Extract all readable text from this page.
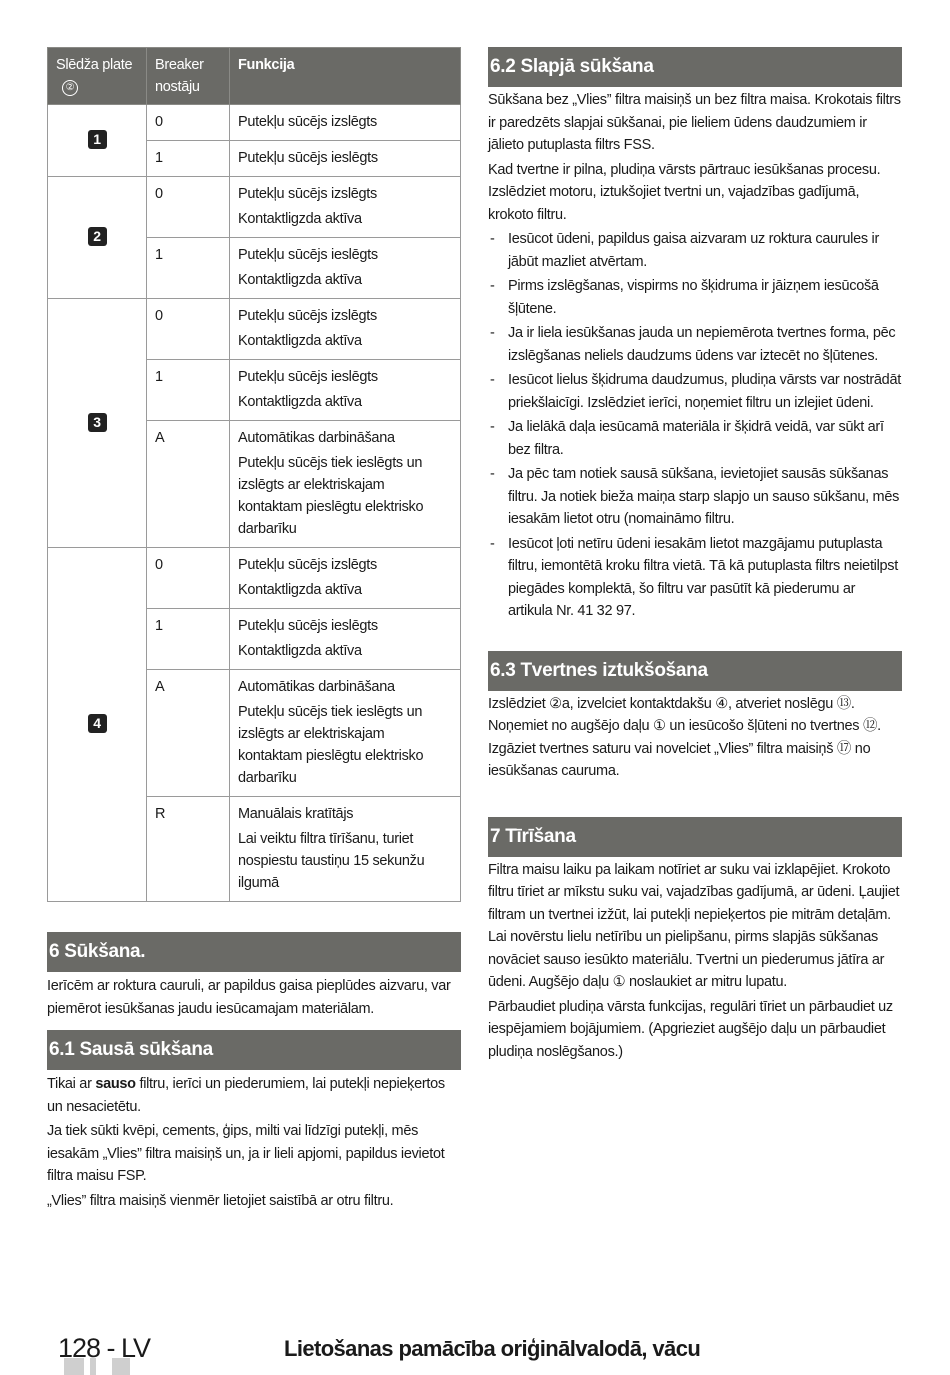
Slēdža plate ②	Breaker nostāju	Funkcija
1	0	Putekļu sūcējs izslēgts

	1	Putekļu sūcējs ieslēgts

2	0	Putekļu sūcējs izslēgts
Kontaktligzda aktīva

	1	Putekļu sūcējs ieslēgts
Kontaktligzda aktīva

3	0	Putekļu sūcējs izslēgts
Kontaktligzda aktīva

	1	Putekļu sūcējs ieslēgts
Kontaktligzda aktīva

	A	Automātikas darbināšana
Putekļu sūcējs tiek ieslēgts un izslēgts ar elektriskajam kontaktam pieslēgtu elektrisko darbarīku

4	0	Putekļu sūcējs izslēgts
Kontaktligzda aktīva

	1	Putekļu sūcējs ieslēgts
Kontaktligzda aktīva

	A	Automātikas darbināšana
Putekļu sūcējs tiek ieslēgts un izslēgts ar elektriskajam kontaktam pieslēgtu elektrisko darbarīku

	R	Manuālais kratītājs
Lai veiktu filtra tīrīšanu, turiet nospiestu taustiņu 15 sekunžu ilgumā
6 Sūkšana.

Ierīcēm ar roktura cauruli, ar papildus gaisa pieplūdes aizvaru, var piemērot iesūkšanas jaudu iesūcamajam materiālam.

6.1 Sausā sūkšana

Tikai ar sauso filtru, ierīci un piederumiem, lai putekļi nepieķertos un nesacietētu.

Ja tiek sūkti kvēpi, cements, ģips, milti vai līdzīgi putekļi, mēs iesakām „Vlies” filtra maisiņš un, ja ir lieli apjomi, papildus ievietot filtra maisu FSP.

„Vlies” filtra maisiņš vienmēr lietojiet saistībā ar otru filtru.

6.2 Slapjā sūkšana

Sūkšana bez „Vlies” filtra maisiņš un bez filtra maisa. Krokotais filtrs ir paredzēts slapjai sūkšanai, pie lieliem ūdens daudzumiem ir jālieto putuplasta filtrs FSS.

Kad tvertne ir pilna, pludiņa vārsts pārtrauc iesūkšanas procesu. Izslēdziet motoru, iztukšojiet tvertni un, vajadzības gadījumā, krokoto filtru.

- Iesūcot ūdeni, papildus gaisa aizvaram uz roktura caurules ir jābūt mazliet atvērtam.
- Pirms izslēgšanas, vispirms no šķidruma ir jāizņem iesūcošā šļūtene.
- Ja ir liela iesūkšanas jauda un nepiemērota tvertnes forma, pēc izslēgšanas neliels daudzums ūdens var iztecēt no šļūtenes.
- Iesūcot lielus šķidruma daudzumus, pludiņa vārsts var nostrādāt priekšlaicīgi. Izslēdziet ierīci, noņemiet filtru un izlejiet ūdeni.
- Ja lielākā daļa iesūcamā materiāla ir šķidrā veidā, var sūkt arī bez filtra.
- Ja pēc tam notiek sausā sūkšana, ievietojiet sausās sūkšanas filtru. Ja notiek bieža maiņa starp slapjo un sauso sūkšanu, mēs iesakām lietot otru (nomaināmo filtru.
- Iesūcot ļoti netīru ūdeni iesakām lietot mazgājamu putuplasta filtru, iemontētā kroku filtra vietā. Tā kā putuplasta filtrs neietilpst piegādes komplektā, šo filtru var pasūtīt kā piederumu ar artikula Nr. 41 32 97.
6.3 Tvertnes iztukšošana

Izslēdziet ②a, izvelciet kontaktdakšu ④, atveriet noslēgu ⑬. Noņemiet no augšējo daļu ① un iesūcošo šļūteni no tvertnes ⑫. Izgāziet tvertnes saturu vai novelciet „Vlies” filtra maisiņš ⑰ no iesūkšanas cauruma.

7 Tīrīšana

Filtra maisu laiku pa laikam notīriet ar suku vai izklapējiet. Krokoto filtru tīriet ar mīkstu suku vai, vajadzības gadījumā, ar ūdeni. Ļaujiet filtram un tvertnei izžūt, lai putekļi nepieķertos pie mitrām detaļām. Lai novērstu lielu netīrību un pielipšanu, pirms slapjās sūkšanas novāciet sauso iesūkto materiālu. Tvertni un piederumus jātīra ar ūdeni. Augšējo daļu ① noslaukiet ar mitru lupatu.

Pārbaudiet pludiņa vārsta funkcijas, regulāri tīriet un pārbaudiet uz iespējamiem bojājumiem. (Apgrieziet augšējo daļu un pārbaudiet pludiņa noslēgšanos.)

128 - LV	Lietošanas pamācība oriģinālvalodā, vācu
